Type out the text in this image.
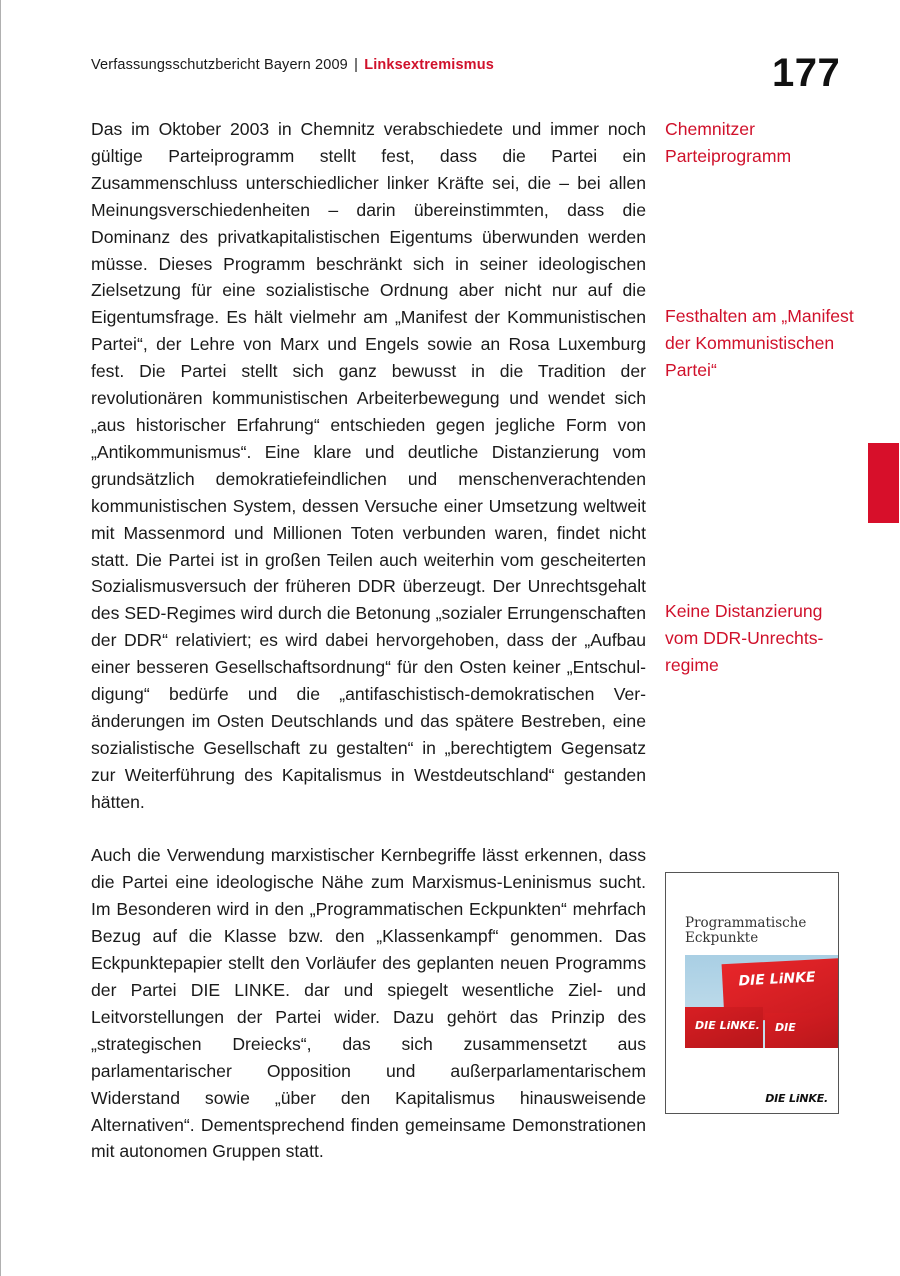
Verfassungsschutzbericht Bayern 2009 | Linksextremismus	177

Das im Oktober 2003 in Chemnitz verabschiedete und immer noch gültige Parteiprogramm stellt fest, dass die Partei ein Zusammenschluss unterschiedlicher linker Kräfte sei, die – bei allen Meinungsverschiedenheiten – darin übereinstimmten, dass die Dominanz des privatkapitalistischen Eigentums überwunden werden müsse. Dieses Programm beschränkt sich in seiner ideologischen Zielsetzung für eine sozialistische Ordnung aber nicht nur auf die Eigentumsfrage. Es hält vielmehr am „Manifest der Kommunistischen Partei“, der Lehre von Marx und Engels sowie an Rosa Luxemburg fest. Die Partei stellt sich ganz bewusst in die Tradition der revolutionären kommunistischen Arbeiterbewegung und wendet sich „aus historischer Erfahrung“ entschieden gegen jegliche Form von „Antikommunismus“. Eine klare und deutliche Distanzierung vom grundsätzlich demokratiefeindlichen und menschenverachtenden kommunistischen System, dessen Versuche einer Umsetzung weltweit mit Massenmord und Millionen Toten verbunden waren, findet nicht statt. Die Partei ist in großen Teilen auch weiterhin vom gescheiterten Sozialismusversuch der früheren DDR überzeugt. Der Unrechtsgehalt des SED-Regimes wird durch die Betonung „sozialer Errungenschaften der DDR“ relativiert; es wird dabei hervorgehoben, dass der „Aufbau einer besseren Gesellschaftsordnung“ für den Osten keiner „Entschuldigung“ bedürfe und die „antifaschistisch-demokratischen Veränderungen im Osten Deutschlands und das spätere Bestreben, eine sozialistische Gesellschaft zu gestalten“ in „berechtigtem Gegensatz zur Weiterführung des Kapitalismus in Westdeutschland“ gestanden hätten.

Auch die Verwendung marxistischer Kernbegriffe lässt erkennen, dass die Partei eine ideologische Nähe zum Marxismus-Leninismus sucht. Im Besonderen wird in den „Programmatischen Eckpunkten“ mehrfach Bezug auf die Klasse bzw. den „Klassenkampf“ genommen. Das Eckpunktepapier stellt den Vorläufer des geplanten neuen Programms der Partei DIE LINKE. dar und spiegelt wesentliche Ziel- und Leitvorstellungen der Partei wider. Dazu gehört das Prinzip des „strategischen Dreiecks“, das sich zusammensetzt aus parlamentarischer Opposition und außerparlamentarischem Widerstand sowie „über den Kapitalismus hinausweisende Alternativen“. Dementsprechend finden gemeinsame Demonstrationen mit autonomen Gruppen statt.

Chemnitzer Parteiprogramm
Festhalten am „Manifest der Kommunistischen Partei“
Keine Distanzierung vom DDR-Unrechtsregime
Programmatische
Eckpunkte
DIE LiNKE
DIE LiNKE.	DIE
DIE LiNKE.
